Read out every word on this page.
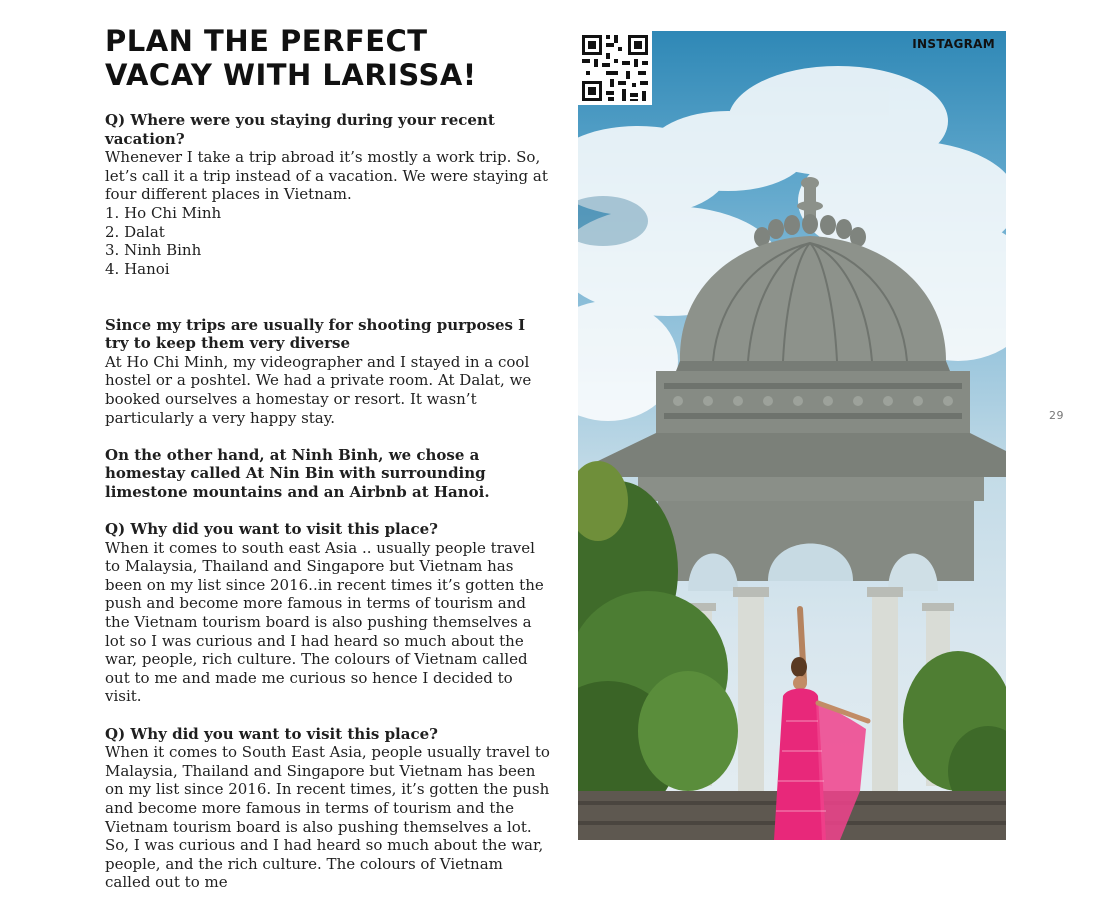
PLAN THE PERFECT
VACAY WITH LARISSA!
Q) Where were you staying during your recent vacation?
Whenever I take a trip abroad it’s mostly a work trip. So, let’s call it a trip instead of a vacation. We were staying at four different places in Vietnam.
1. Ho Chi Minh
2. Dalat
3. Ninh Binh
4. Hanoi
Since my trips are usually for shooting purposes I try to keep them very diverse
At Ho Chi Minh, my videographer and I stayed in a cool hostel or a poshtel. We had a private room. At Dalat, we booked ourselves a homestay or resort. It wasn’t particularly a very happy stay.
On the other hand, at Ninh Binh, we chose a homestay called At Nin Bin with surrounding limestone mountains and an Airbnb at Hanoi.
Q) Why did you want to visit this place?
When it comes to south east Asia .. usually people travel to Malaysia, Thailand and Singapore but Vietnam has been on my list since 2016..in recent times it’s gotten the push and become more famous in terms of tourism and the Vietnam tourism board is also pushing themselves a lot so I was curious and I had heard so much about the war, people, rich culture. The colours of Vietnam called out to me and made me curious so hence I decided to visit.
Q) Why did you want to visit this place?
When it comes to South East Asia, people usually travel to Malaysia, Thailand and Singapore but Vietnam has been on my list since 2016. In recent times, it’s gotten the push and become more famous in terms of tourism and the Vietnam tourism board is also pushing themselves a lot. So, I was curious and I had heard so much about the war, people, and the rich culture. The colours of Vietnam called out to me
INSTAGRAM
29
